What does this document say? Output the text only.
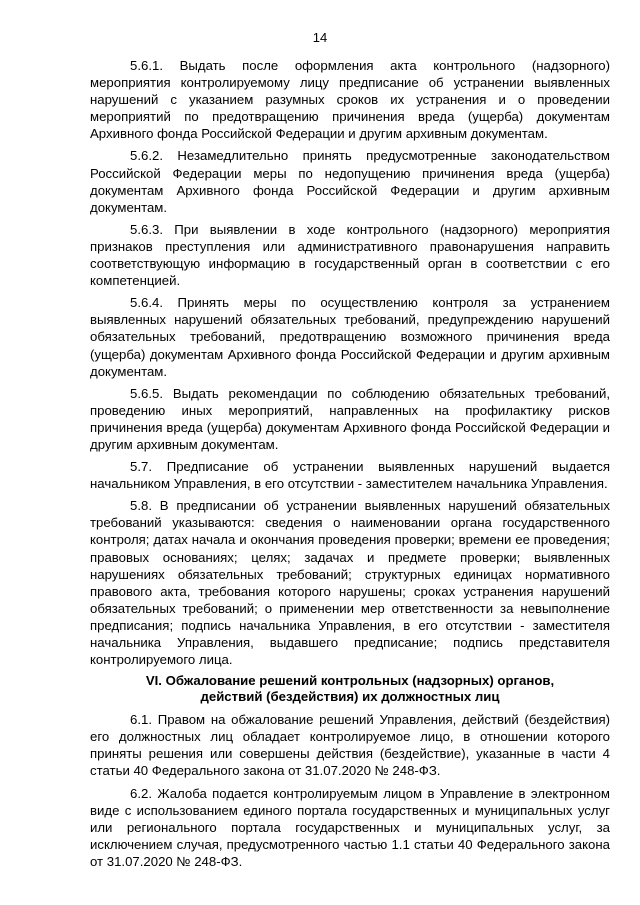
14

5.6.1. Выдать после оформления акта контрольного (надзорного) мероприятия контролируемому лицу предписание об устранении выявленных нарушений с указанием разумных сроков их устранения и о проведении мероприятий по предотвращению причинения вреда (ущерба) документам Архивного фонда Российской Федерации и другим архивным документам.

5.6.2. Незамедлительно принять предусмотренные законодательством Российской Федерации меры по недопущению причинения вреда (ущерба) документам Архивного фонда Российской Федерации и другим архивным документам.

5.6.3. При выявлении в ходе контрольного (надзорного) мероприятия признаков преступления или административного правонарушения направить соответствующую информацию в государственный орган в соответствии с его компетенцией.

5.6.4. Принять меры по осуществлению контроля за устранением выявленных нарушений обязательных требований, предупреждению нарушений обязательных требований, предотвращению возможного причинения вреда (ущерба) документам Архивного фонда Российской Федерации и другим архивным документам.

5.6.5. Выдать рекомендации по соблюдению обязательных требований, проведению иных мероприятий, направленных на профилактику рисков причинения вреда (ущерба) документам Архивного фонда Российской Федерации и другим архивным документам.

5.7. Предписание об устранении выявленных нарушений выдается начальником Управления, в его отсутствии - заместителем начальника Управления.

5.8. В предписании об устранении выявленных нарушений обязательных требований указываются: сведения о наименовании органа государственного контроля; датах начала и окончания проведения проверки; времени ее проведения; правовых основаниях; целях; задачах и предмете проверки; выявленных нарушениях обязательных требований; структурных единицах нормативного правового акта, требования которого нарушены; сроках устранения нарушений обязательных требований; о применении мер ответственности за невыполнение предписания; подпись начальника Управления, в его отсутствии - заместителя начальника Управления, выдавшего предписание; подпись представителя контролируемого лица.

VI. Обжалование решений контрольных (надзорных) органов,
действий (бездействия) их должностных лиц

6.1. Правом на обжалование решений Управления, действий (бездействия) его должностных лиц обладает контролируемое лицо, в отношении которого приняты решения или совершены действия (бездействие), указанные в части 4 статьи 40 Федерального закона от 31.07.2020 № 248-ФЗ.

6.2. Жалоба подается контролируемым лицом в Управление в электронном виде с использованием единого портала государственных и муниципальных услуг или регионального портала государственных и муниципальных услуг, за исключением случая, предусмотренного частью 1.1 статьи 40 Федерального закона от 31.07.2020 № 248-ФЗ.
